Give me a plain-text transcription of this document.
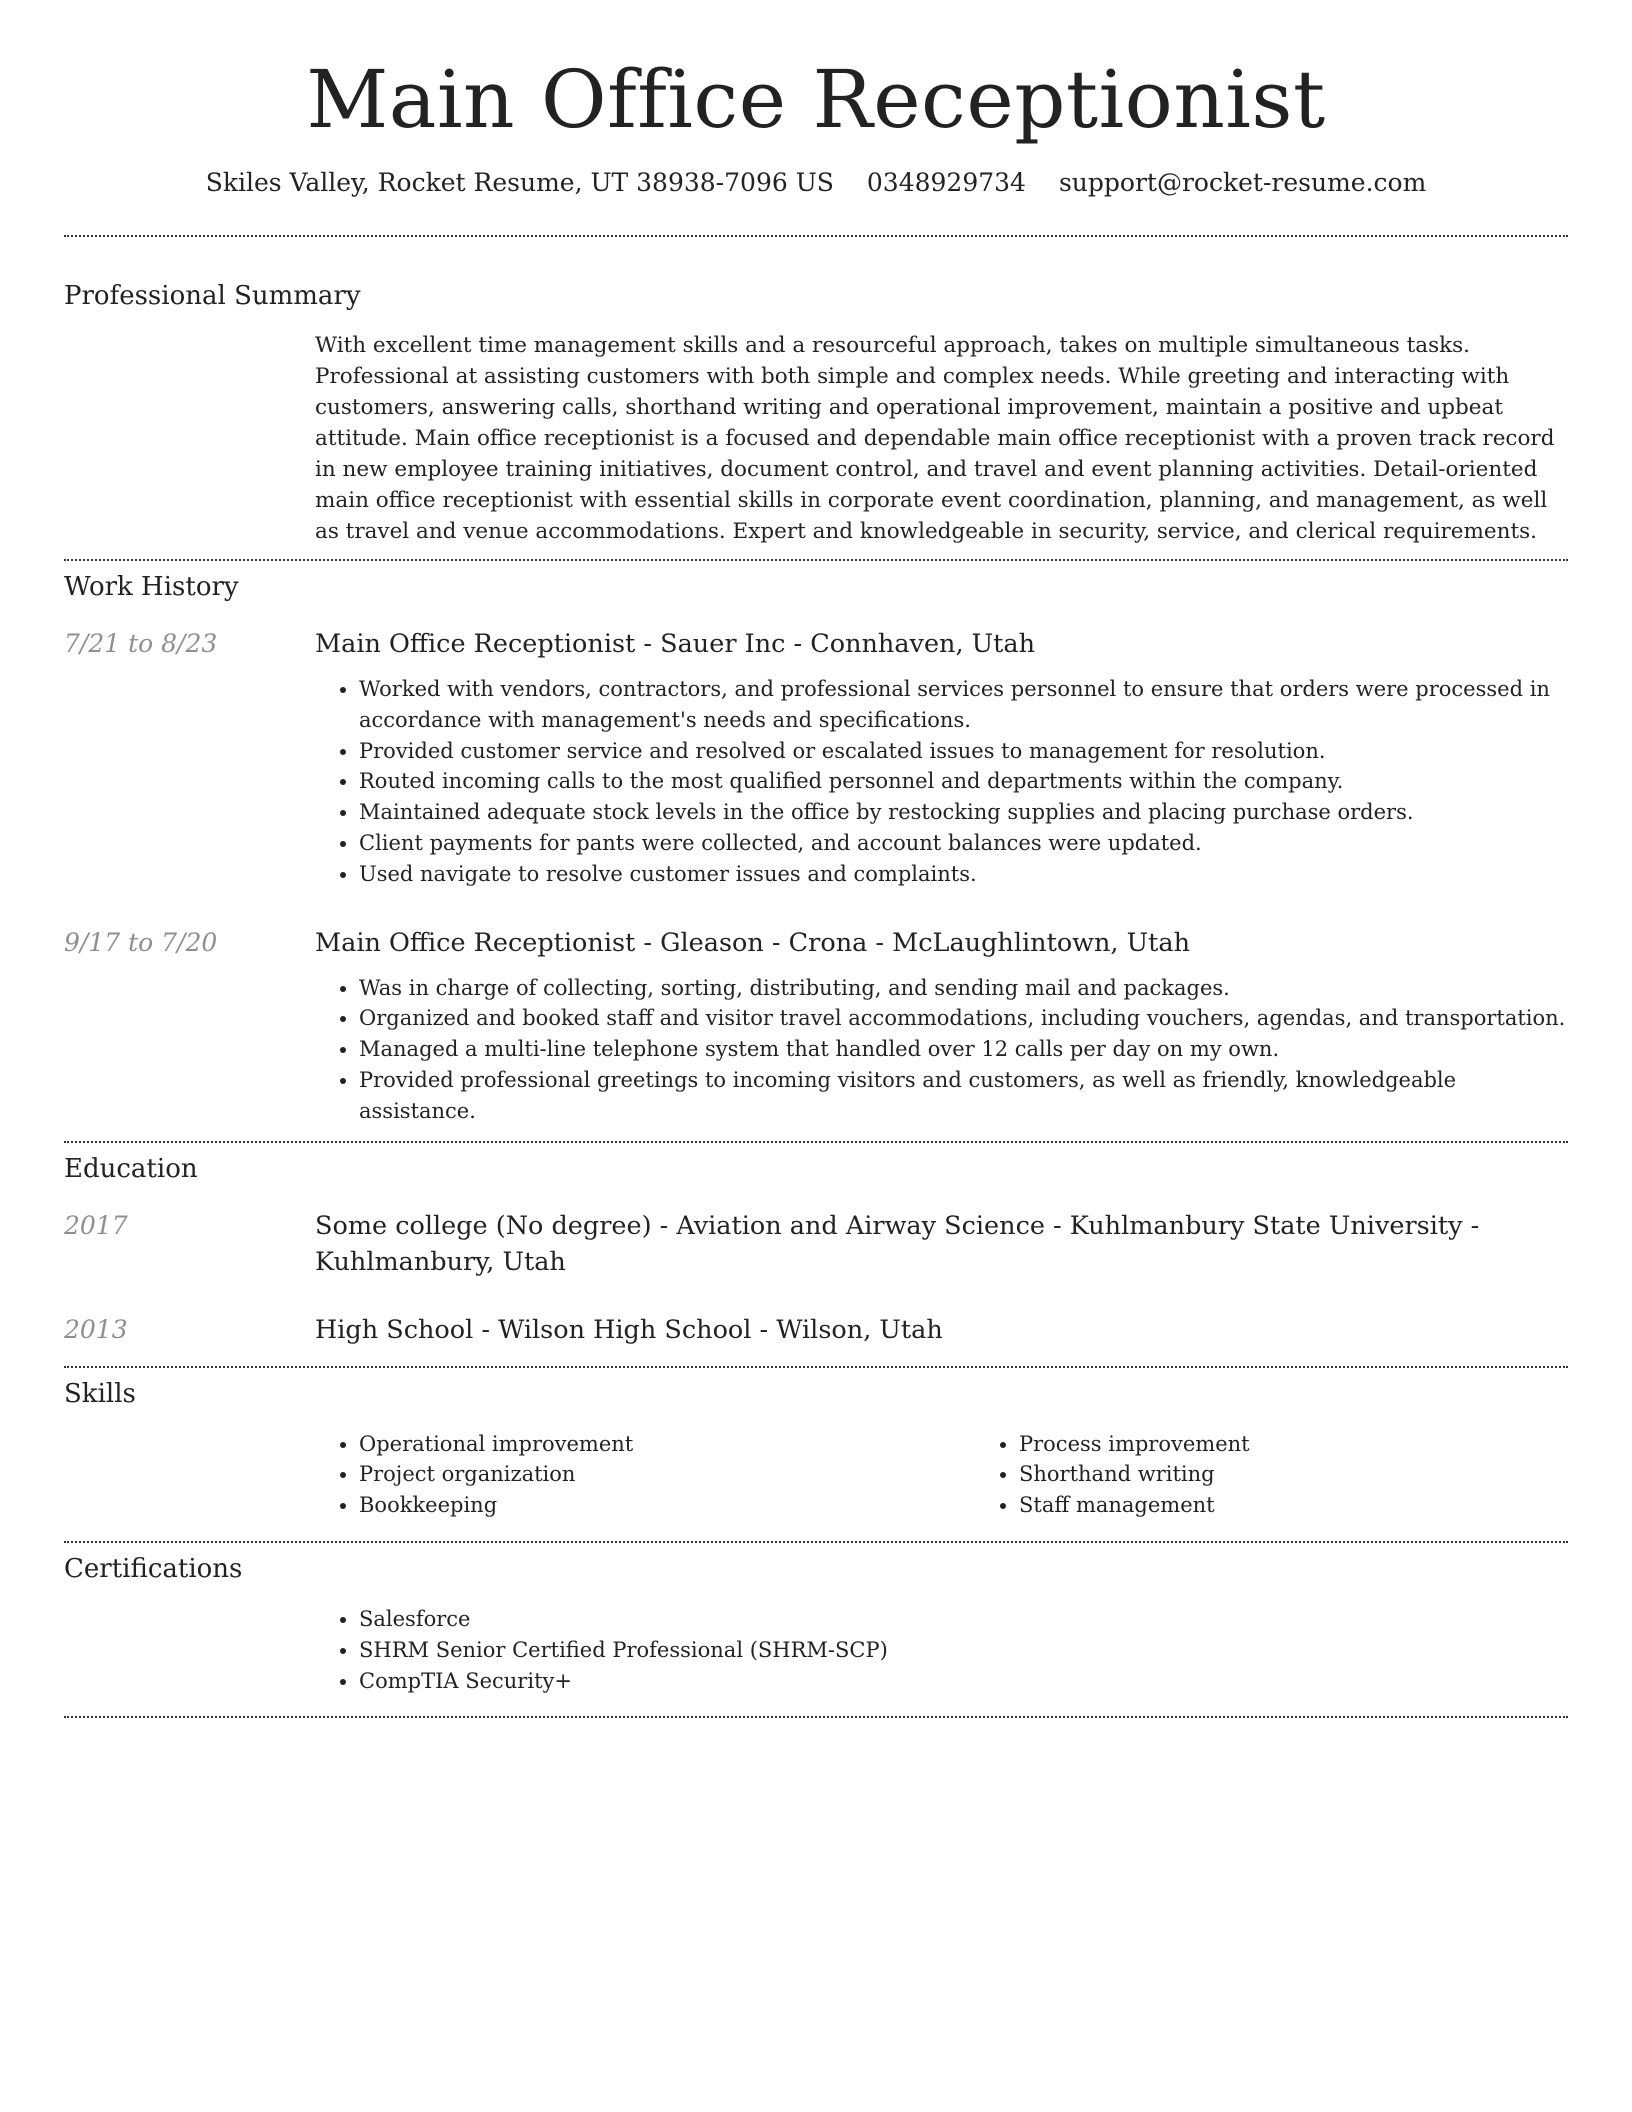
Main Office Receptionist
Skiles Valley, Rocket Resume, UT 38938-7096 US 0348929734 support@rocket-resume.com
Professional Summary

With excellent time management skills and a resourceful approach, takes on multiple simultaneous tasks. Professional at assisting customers with both simple and complex needs. While greeting and interacting with customers, answering calls, shorthand writing and operational improvement, maintain a positive and upbeat attitude. Main office receptionist is a focused and dependable main office receptionist with a proven track record in new employee training initiatives, document control, and travel and event planning activities. Detail-oriented main office receptionist with essential skills in corporate event coordination, planning, and management, as well as travel and venue accommodations. Expert and knowledgeable in security, service, and clerical requirements.

Work History
7/21 to 8/23	Main Office Receptionist - Sauer Inc - Connhaven, Utah
• Worked with vendors, contractors, and professional services personnel to ensure that orders were processed in accordance with management's needs and specifications.
• Provided customer service and resolved or escalated issues to management for resolution.
• Routed incoming calls to the most qualified personnel and departments within the company.
• Maintained adequate stock levels in the office by restocking supplies and placing purchase orders.
• Client payments for pants were collected, and account balances were updated.
• Used navigate to resolve customer issues and complaints.
9/17 to 7/20	Main Office Receptionist - Gleason - Crona - McLaughlintown, Utah
• Was in charge of collecting, sorting, distributing, and sending mail and packages.
• Organized and booked staff and visitor travel accommodations, including vouchers, agendas, and transportation.
• Managed a multi-line telephone system that handled over 12 calls per day on my own.
• Provided professional greetings to incoming visitors and customers, as well as friendly, knowledgeable assistance.
Education
2017	Some college (No degree) - Aviation and Airway Science - Kuhlmanbury State University - Kuhlmanbury, Utah
2013	High School - Wilson High School - Wilson, Utah
Skills
• Operational improvement
• Project organization
• Bookkeeping
• Process improvement
• Shorthand writing
• Staff management
Certifications
• Salesforce
• SHRM Senior Certified Professional (SHRM-SCP)
• CompTIA Security+
